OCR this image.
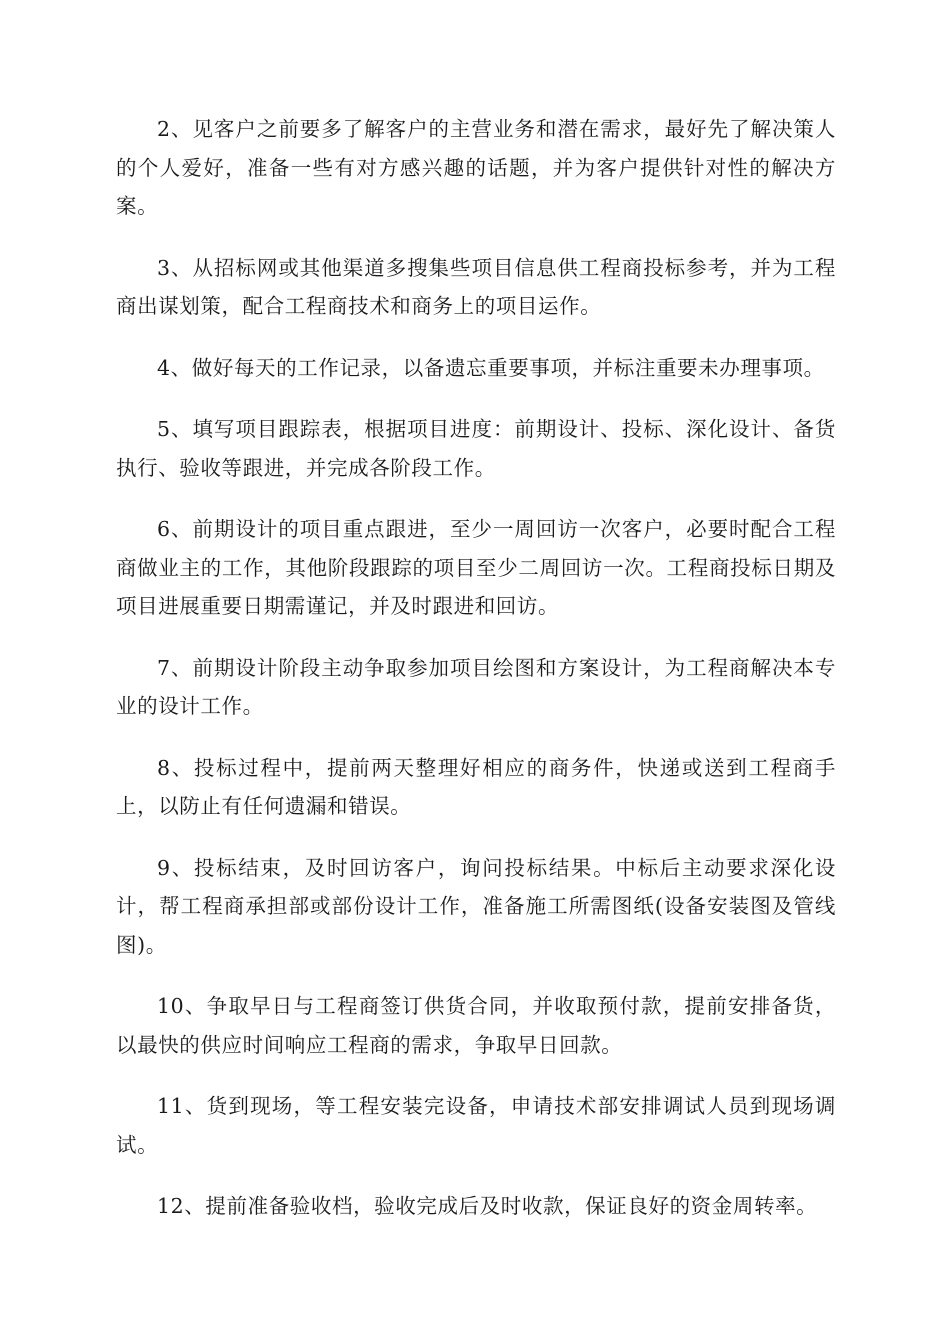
2、见客户之前要多了解客户的主营业务和潜在需求，最好先了解决策人的个人爱好，准备一些有对方感兴趣的话题，并为客户提供针对性的解决方案。

3、从招标网或其他渠道多搜集些项目信息供工程商投标参考，并为工程商出谋划策，配合工程商技术和商务上的项目运作。

4、做好每天的工作记录，以备遗忘重要事项，并标注重要未办理事项。

5、填写项目跟踪表，根据项目进度：前期设计、投标、深化设计、备货执行、验收等跟进，并完成各阶段工作。

6、前期设计的项目重点跟进，至少一周回访一次客户，必要时配合工程商做业主的工作，其他阶段跟踪的项目至少二周回访一次。工程商投标日期及项目进展重要日期需谨记，并及时跟进和回访。

7、前期设计阶段主动争取参加项目绘图和方案设计，为工程商解决本专业的设计工作。

8、投标过程中，提前两天整理好相应的商务件，快递或送到工程商手上，以防止有任何遗漏和错误。

9、投标结束，及时回访客户，询问投标结果。中标后主动要求深化设计，帮工程商承担部或部份设计工作，准备施工所需图纸(设备安装图及管线图)。

10、争取早日与工程商签订供货合同，并收取预付款，提前安排备货，以最快的供应时间响应工程商的需求，争取早日回款。

11、货到现场，等工程安装完设备，申请技术部安排调试人员到现场调试。

12、提前准备验收档，验收完成后及时收款，保证良好的资金周转率。
